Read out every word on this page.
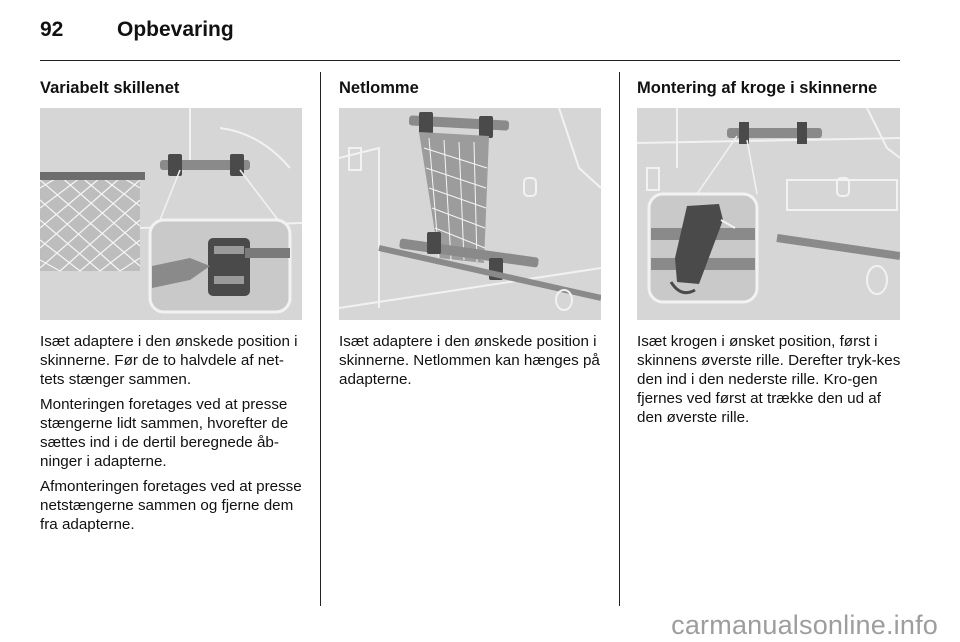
92	Opbevaring
Variabelt skillenet

Isæt adaptere i den ønskede position i skinnerne. Før de to halvdele af net-tets stænger sammen.

Monteringen foretages ved at presse stængerne lidt sammen, hvorefter de sættes ind i de dertil beregnede åb-ninger i adapterne.

Afmonteringen foretages ved at presse netstængerne sammen og fjerne dem fra adapterne.

Netlomme

Isæt adaptere i den ønskede position i skinnerne. Netlommen kan hænges på adapterne.

Montering af kroge i skinnerne

Isæt krogen i ønsket position, først i skinnens øverste rille. Derefter tryk-kes den ind i den nederste rille. Kro-gen fjernes ved først at trække den ud af den øverste rille.

carmanualsonline.info
